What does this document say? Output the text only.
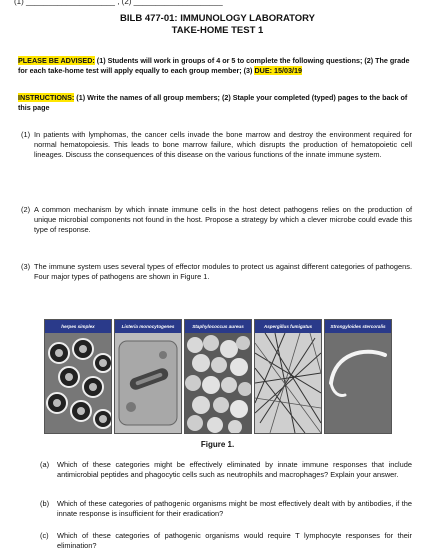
(1) ____________________ , (2) ____________________
BILB 477-01: IMMUNOLOGY LABORATORY
TAKE-HOME TEST 1
PLEASE BE ADVISED: (1) Students will work in groups of 4 or 5 to complete the following questions; (2) The grade for each take-home test will apply equally to each group member; (3) DUE: 15/03/19
INSTRUCTIONS: (1) Write the names of all group members; (2) Staple your completed (typed) pages to the back of this page
(1) In patients with lymphomas, the cancer cells invade the bone marrow and destroy the environment required for normal hematopoiesis. This leads to bone marrow failure, which disrupts the production of hematopoietic cell lineages. Discuss the consequences of this disease on the various functions of the innate immune system.
(2) A common mechanism by which innate immune cells in the host detect pathogens relies on the production of unique microbial components not found in the host. Propose a strategy by which a clever microbe could evade this type of response.
(3) The immune system uses several types of effector modules to protect us against different categories of pathogens. Four major types of pathogens are shown in Figure 1.
herpes simplex	Listeria monocytogenes	Staphylococcus aureus	Aspergillus fumigatus	Strongyloides stercoralis
Figure 1.
(a) Which of these categories might be effectively eliminated by innate immune responses that include antimicrobial peptides and phagocytic cells such as neutrophils and macrophages? Explain your answer.
(b) Which of these categories of pathogenic organisms might be most effectively dealt with by antibodies, if the innate response is insufficient for their eradication?
(c) Which of these categories of pathogenic organisms would require T lymphocyte responses for their elimination?
